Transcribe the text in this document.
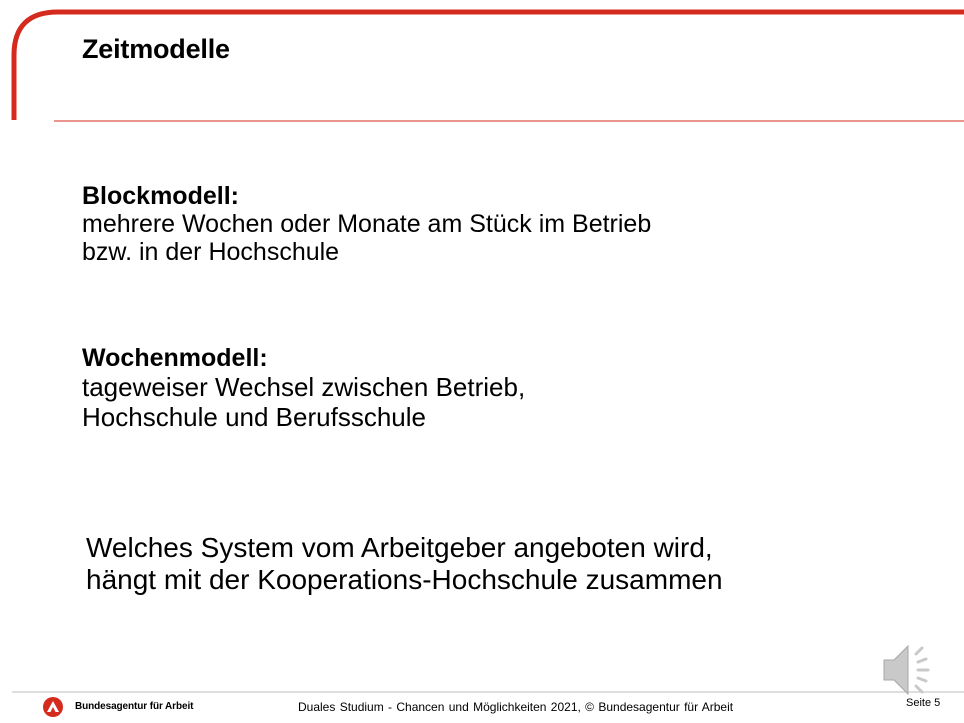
Zeitmodelle
Blockmodell:
mehrere Wochen oder Monate am Stück im Betrieb
bzw. in der Hochschule
Wochenmodell:
tageweiser Wechsel zwischen Betrieb,
Hochschule und Berufsschule
Welches System vom Arbeitgeber angeboten wird,
hängt mit der Kooperations-Hochschule zusammen
Bundesagentur für Arbeit	Duales Studium - Chancen und Möglichkeiten 2021, © Bundesagentur für Arbeit	Seite 5
